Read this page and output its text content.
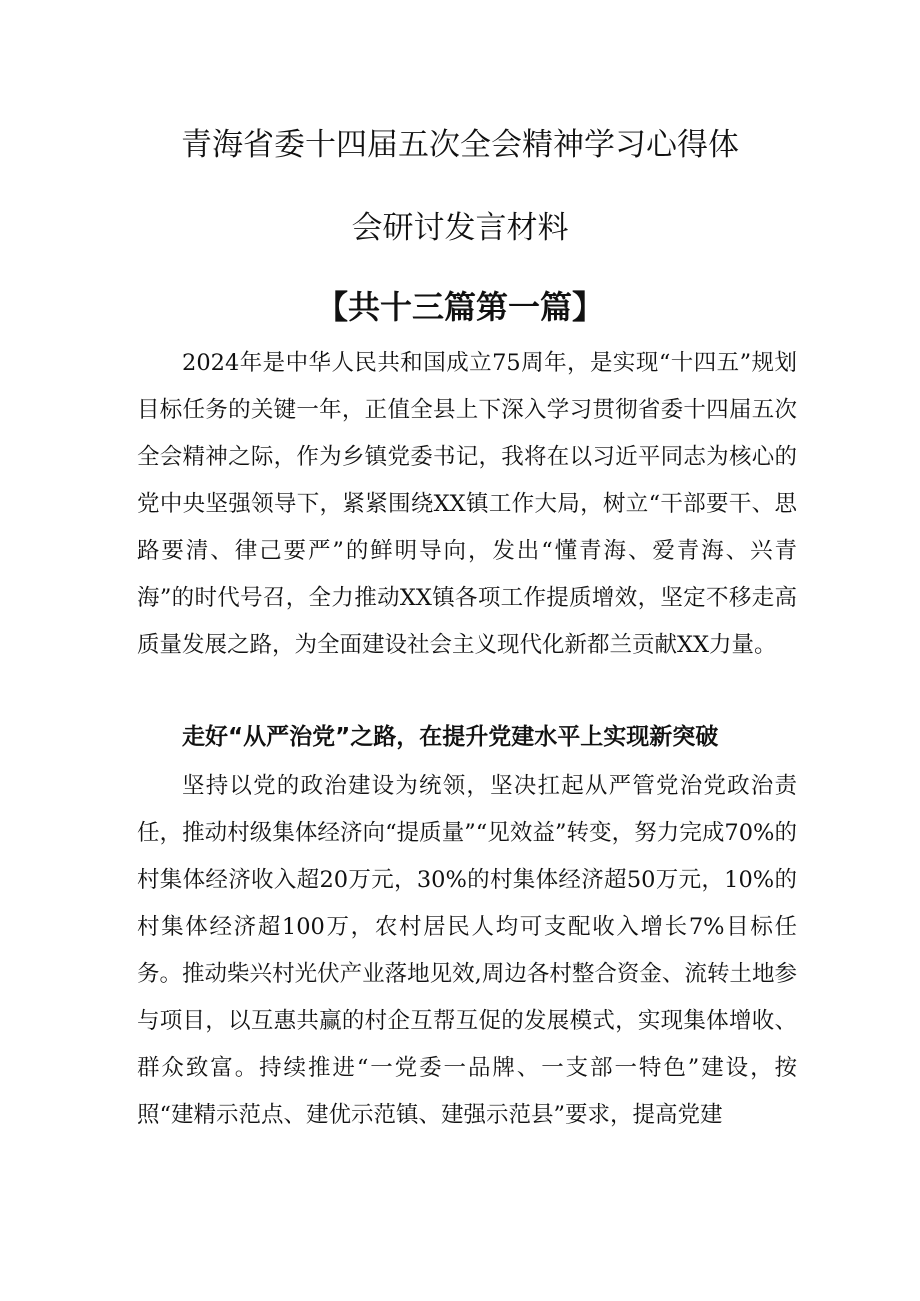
青海省委十四届五次全会精神学习心得体
会研讨发言材料
【共十三篇第一篇】

2024年是中华人民共和国成立75周年，是实现“十四五”规划目标任务的关键一年，正值全县上下深入学习贯彻省委十四届五次全会精神之际，作为乡镇党委书记，我将在以习近平同志为核心的党中央坚强领导下，紧紧围绕XX镇工作大局，树立“干部要干、思路要清、律己要严”的鲜明导向，发出“懂青海、爱青海、兴青海”的时代号召，全力推动XX镇各项工作提质增效，坚定不移走高质量发展之路，为全面建设社会主义现代化新都兰贡献XX力量。

走好“从严治党”之路，在提升党建水平上实现新突破

坚持以党的政治建设为统领，坚决扛起从严管党治党政治责任，推动村级集体经济向“提质量”“见效益”转变，努力完成70%的村集体经济收入超20万元，30%的村集体经济超50万元，10%的村集体经济超100万，农村居民人均可支配收入增长7%目标任务。推动柴兴村光伏产业落地见效,周边各村整合资金、流转土地参与项目，以互惠共赢的村企互帮互促的发展模式，实现集体增收、群众致富。持续推进“一党委一品牌、一支部一特色”建设，按照“建精示范点、建优示范镇、建强示范县”要求，提高党建
